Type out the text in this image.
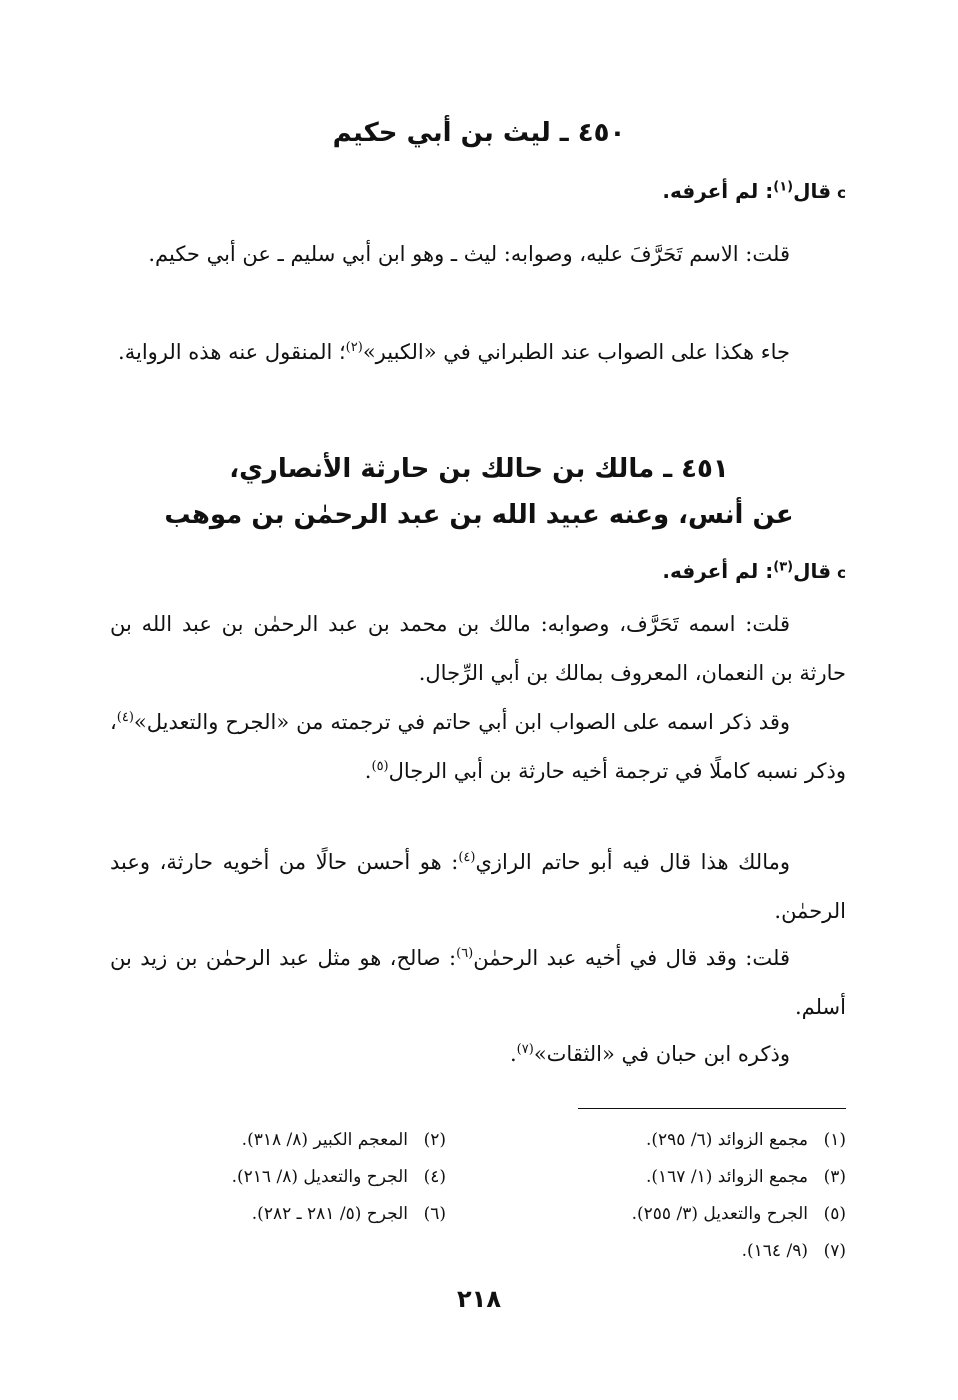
٤٥٠ ـ ليث بن أبي حكيم
cقال$^{(١)}$: لم أعرفه.
قلت: الاسم تَحَرَّفَ عليه، وصوابه: ليث ـ وهو ابن أبي سليم ـ عن أبي حكيم.
جاء هكذا على الصواب عند الطبراني في «الكبير»$^{(٢)}$؛ المنقول عنه هذه الرواية.
٤٥١ ـ مالك بن حالك بن حارثة الأنصاري،
عن أنس، وعنه عبيد الله بن عبد الرحمٰن بن موهب
cقال$^{(٣)}$: لم أعرفه.
قلت: اسمه تَحَرَّف، وصوابه: مالك بن محمد بن عبد الرحمٰن بن عبد الله بن حارثة بن النعمان، المعروف بمالك بن أبي الرِّجال.
وقد ذكر اسمه على الصواب ابن أبي حاتم في ترجمته من «الجرح والتعديل»$^{(٤)}$، وذكر نسبه كاملًا في ترجمة أخيه حارثة بن أبي الرجال$^{(٥)}$.
ومالك هذا قال فيه أبو حاتم الرازي$^{(٤)}$: هو أحسن حالًا من أخويه حارثة، وعبد الرحمٰن.
قلت: وقد قال في أخيه عبد الرحمٰن$^{(٦)}$: صالح، هو مثل عبد الرحمٰن بن زيد بن أسلم.
وذكره ابن حبان في «الثقات»$^{(٧)}$.
(١)مجمع الزوائد (٦/ ٢٩٥).
(٣)مجمع الزوائد (١/ ١٦٧).
(٥)الجرح والتعديل (٣/ ٢٥٥).
(٧)(٩/ ١٦٤).
(٢)المعجم الكبير (٨/ ٣١٨).
(٤)الجرح والتعديل (٨/ ٢١٦).
(٦)الجرح (٥/ ٢٨١ ـ ٢٨٢).
٢١٨
